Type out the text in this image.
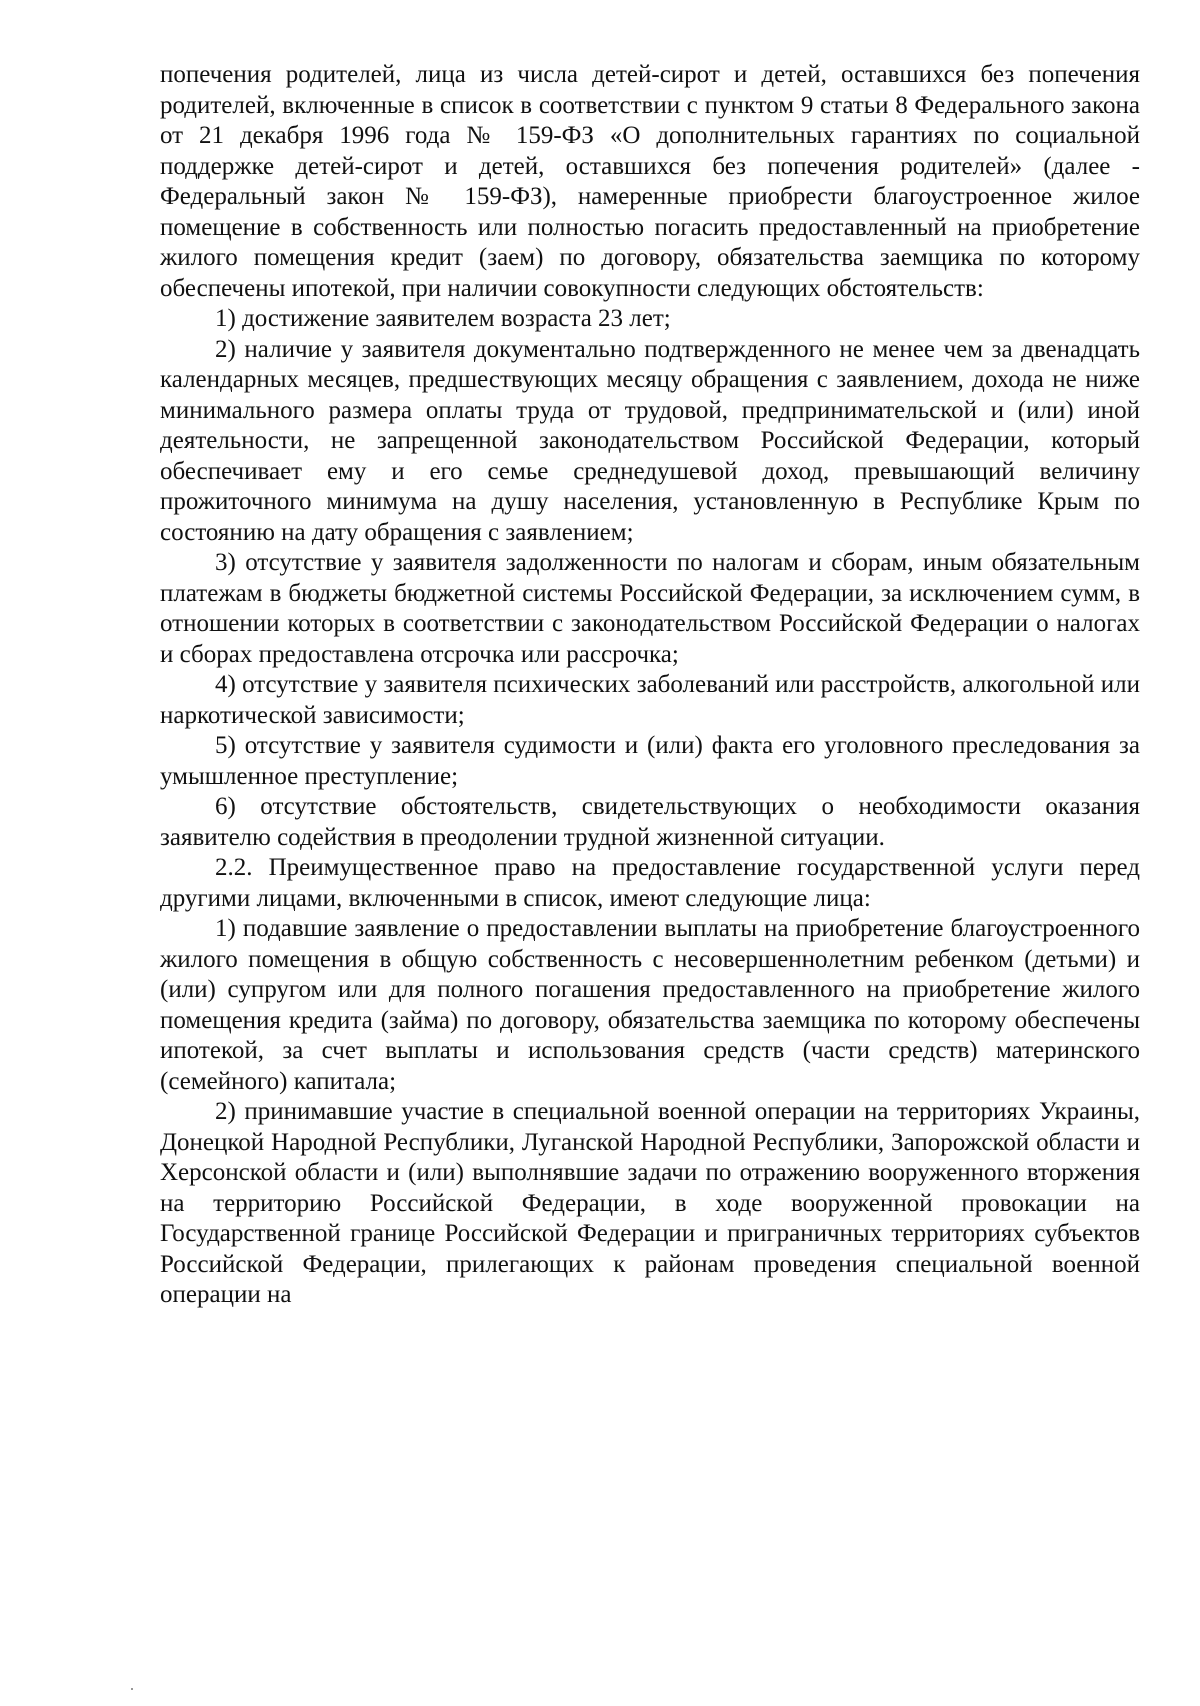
попечения родителей, лица из числа детей-сирот и детей, оставшихся без попечения родителей, включенные в список в соответствии с пунктом 9 статьи 8 Федерального закона от 21 декабря 1996 года № 159-ФЗ «О дополнительных гарантиях по социальной поддержке детей-сирот и детей, оставшихся без попечения родителей» (далее - Федеральный закон № 159-ФЗ), намеренные приобрести благоустроенное жилое помещение в собственность или полностью погасить предоставленный на приобретение жилого помещения кредит (заем) по договору, обязательства заемщика по которому обеспечены ипотекой, при наличии совокупности следующих обстоятельств:

1) достижение заявителем возраста 23 лет;

2) наличие у заявителя документально подтвержденного не менее чем за двенадцать календарных месяцев, предшествующих месяцу обращения с заявлением, дохода не ниже минимального размера оплаты труда от трудовой, предпринимательской и (или) иной деятельности, не запрещенной законодательством Российской Федерации, который обеспечивает ему и его семье среднедушевой доход, превышающий величину прожиточного минимума на душу населения, установленную в Республике Крым по состоянию на дату обращения с заявлением;

3) отсутствие у заявителя задолженности по налогам и сборам, иным обязательным платежам в бюджеты бюджетной системы Российской Федерации, за исключением сумм, в отношении которых в соответствии с законодательством Российской Федерации о налогах и сборах предоставлена отсрочка или рассрочка;

4) отсутствие у заявителя психических заболеваний или расстройств, алкогольной или наркотической зависимости;

5) отсутствие у заявителя судимости и (или) факта его уголовного преследования за умышленное преступление;

6) отсутствие обстоятельств, свидетельствующих о необходимости оказания заявителю содействия в преодолении трудной жизненной ситуации.

2.2. Преимущественное право на предоставление государственной услуги перед другими лицами, включенными в список, имеют следующие лица:

1) подавшие заявление о предоставлении выплаты на приобретение благоустроенного жилого помещения в общую собственность с несовершеннолетним ребенком (детьми) и (или) супругом или для полного погашения предоставленного на приобретение жилого помещения кредита (займа) по договору, обязательства заемщика по которому обеспечены ипотекой, за счет выплаты и использования средств (части средств) материнского (семейного) капитала;

2) принимавшие участие в специальной военной операции на территориях Украины, Донецкой Народной Республики, Луганской Народной Республики, Запорожской области и Херсонской области и (или) выполнявшие задачи по отражению вооруженного вторжения на территорию Российской Федерации, в ходе вооруженной провокации на Государственной границе Российской Федерации и приграничных территориях субъектов Российской Федерации, прилегающих к районам проведения специальной военной операции на
